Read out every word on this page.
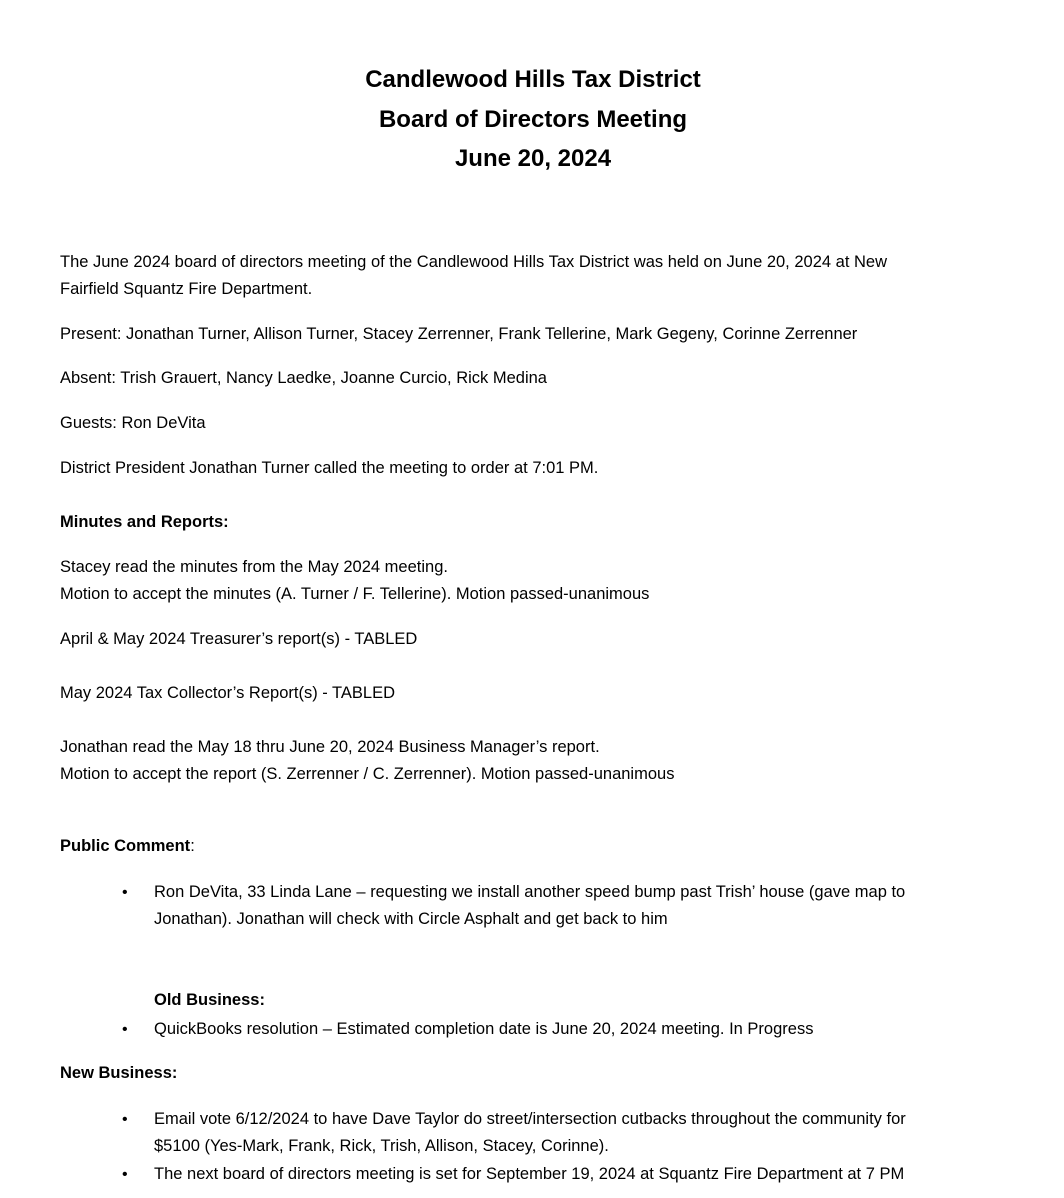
Candlewood Hills Tax District
Board of Directors Meeting
June 20, 2024
The June 2024 board of directors meeting of the Candlewood Hills Tax District was held on June 20, 2024 at New
Fairfield Squantz Fire Department.
Present: Jonathan Turner, Allison Turner, Stacey Zerrenner, Frank Tellerine, Mark Gegeny, Corinne Zerrenner
Absent: Trish Grauert, Nancy Laedke, Joanne Curcio, Rick Medina
Guests: Ron DeVita
District President Jonathan Turner called the meeting to order at 7:01 PM.
Minutes and Reports:
Stacey read the minutes from the May 2024 meeting.
Motion to accept the minutes (A. Turner / F. Tellerine). Motion passed-unanimous
April & May 2024 Treasurer’s report(s) - TABLED
May 2024 Tax Collector’s Report(s) - TABLED
Jonathan read the May 18 thru June 20, 2024 Business Manager’s report.
Motion to accept the report (S. Zerrenner / C. Zerrenner). Motion passed-unanimous
Public Comment:
• Ron DeVita, 33 Linda Lane – requesting we install another speed bump past Trish’ house (gave map to
Jonathan). Jonathan will check with Circle Asphalt and get back to him
Old Business:
• QuickBooks resolution – Estimated completion date is June 20, 2024 meeting. In Progress
New Business:
• Email vote 6/12/2024 to have Dave Taylor do street/intersection cutbacks throughout the community for
$5100 (Yes-Mark, Frank, Rick, Trish, Allison, Stacey, Corinne).
• The next board of directors meeting is set for September 19, 2024 at Squantz Fire Department at 7 PM
